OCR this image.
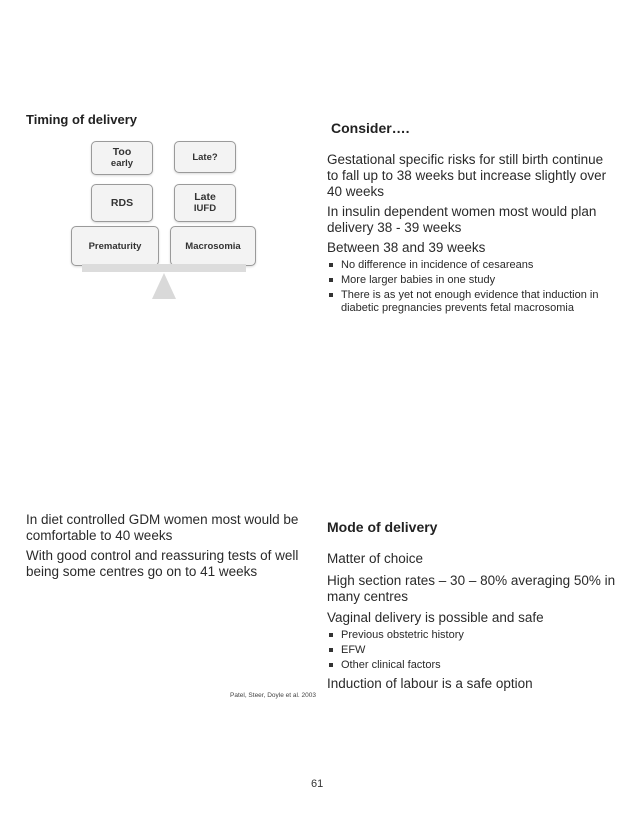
Timing of delivery
Too
early
Late?
RDS	Late
IUFD
Prematurity	Macrosomia
Consider….
Gestational specific risks for still birth continue to fall up to 38 weeks but increase slightly over 40 weeks
In insulin dependent women most would plan delivery 38 - 39 weeks
Between 38 and 39 weeks
No difference in incidence of cesareans
More larger babies in one study
There is as yet not enough evidence that induction in diabetic pregnancies prevents fetal macrosomia
In diet controlled GDM women most would be comfortable to 40 weeks
With good control and reassuring tests of well being some centres go on to 41 weeks
Patel, Steer, Doyle et al. 2003
Mode of delivery
Matter of choice
High section rates – 30 – 80% averaging 50% in many centres
Vaginal delivery is possible and safe
Previous obstetric history
EFW
Other clinical factors
Induction of labour is a safe option
61
